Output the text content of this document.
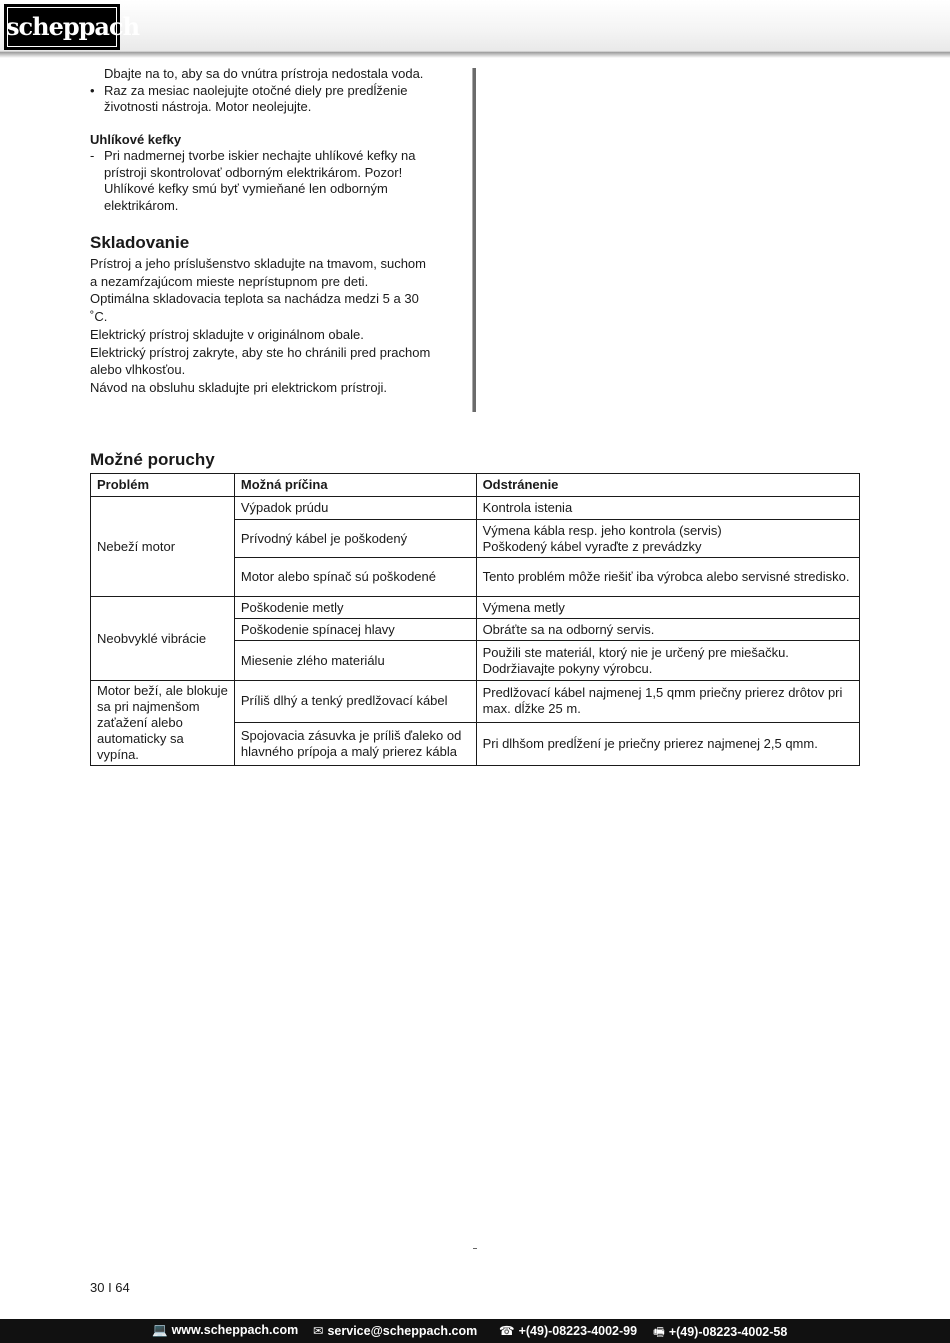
scheppach
Dbajte na to, aby sa do vnútra prístroja nedostala voda.
• Raz za mesiac naolejujte otočné diely pre predĺženie životnosti nástroja. Motor neolejujte.
Uhlíkové kefky
- Pri nadmernej tvorbe iskier nechajte uhlíkové kefky na prístroji skontrolovať odborným elektrikárom. Pozor! Uhlíkové kefky smú byť vymieňané len odborným elektrikárom.
Skladovanie
Prístroj a jeho príslušenstvo skladujte na tmavom, suchom a nezamŕzajúcom mieste neprístupnom pre deti.
Optimálna skladovacia teplota sa nachádza medzi 5 a 30 ˚C.
Elektrický prístroj skladujte v originálnom obale.
Elektrický prístroj zakryte, aby ste ho chránili pred prachom alebo vlhkosťou.
Návod na obsluhu skladujte pri elektrickom prístroji.
Možné poruchy
Problém	Možná príčina	Odstránenie
Nebeží motor	Výpadok prúdu	Kontrola istenia
	Prívodný kábel je poškodený	Výmena kábla resp. jeho kontrola (servis)
Poškodený kábel vyraďte z prevádzky

	Motor alebo spínač sú poškodené	Tento problém môže riešiť iba výrobca alebo servisné stredisko.
Neobvyklé vibrácie	Poškodenie metly	Výmena metly
	Poškodenie spínacej hlavy	Obráťte sa na odborný servis.
	Miesenie zlého materiálu	Použili ste materiál, ktorý nie je určený pre miešačku.
Dodržiavajte pokyny výrobcu.

Motor beží, ale blokuje sa pri najmenšom zaťažení alebo automaticky sa vypína.	Príliš dlhý a tenký predlžovací kábel	Predlžovací kábel najmenej 1,5 qmm priečny prierez drôtov pri max. dĺžke 25 m.
	Spojovacia zásuvka je príliš ďaleko od hlavného prípoja a malý prierez kábla	Pri dlhšom predĺžení je priečny prierez najmenej 2,5 qmm.
30 I 64
💻 www.scheppach.com ✉ service@scheppach.com ☎ +(49)-08223-4002-99 🖷 +(49)-08223-4002-58
